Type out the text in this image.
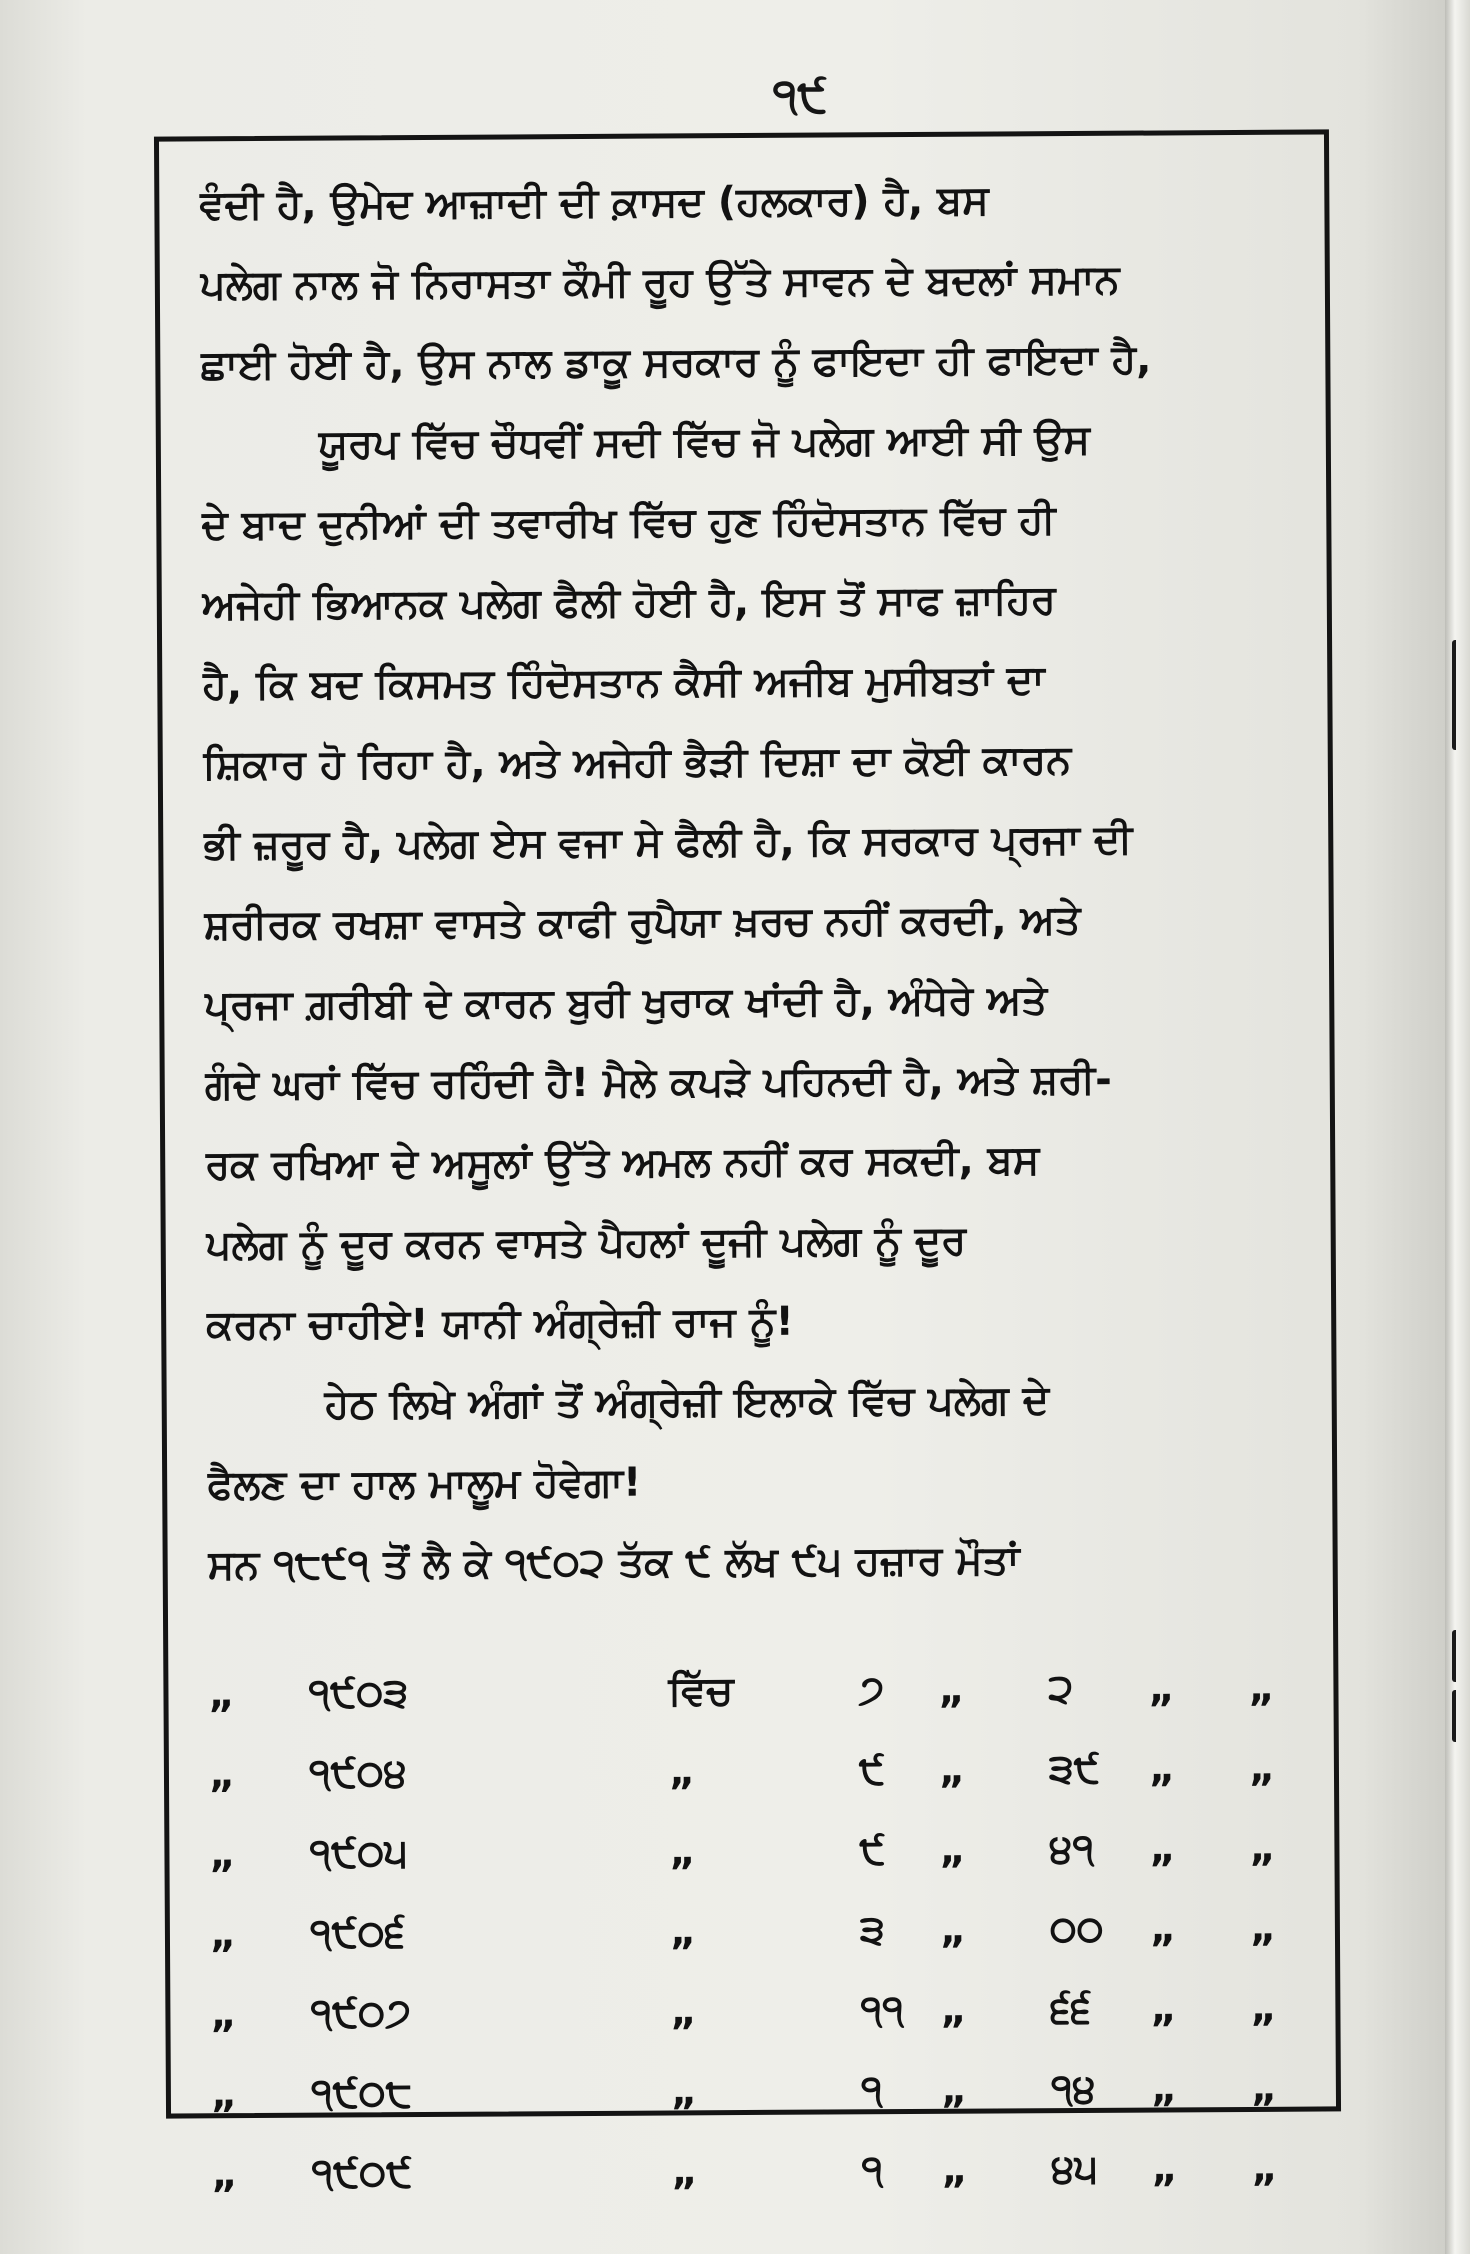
੧੯
ਵੰਦੀ ਹੈ, ਉਮੇਦ ਆਜ਼ਾਦੀ ਦੀ ਕ਼ਾਸਦ (ਹਲਕਾਰ) ਹੈ, ਬਸ
ਪਲੇਗ ਨਾਲ ਜੋ ਨਿਰਾਸਤਾ ਕੌਮੀ ਰੂਹ ਉੱਤੇ ਸਾਵਨ ਦੇ ਬਦਲਾਂ ਸਮਾਨ
ਛਾਈ ਹੋਈ ਹੈ, ਉਸ ਨਾਲ ਡਾਕੂ ਸਰਕਾਰ ਨੂੰ ਫਾਇਦਾ ਹੀ ਫਾਇਦਾ ਹੈ,
ਯੂਰਪ ਵਿੱਚ ਚੌਧਵੀਂ ਸਦੀ ਵਿੱਚ ਜੋ ਪਲੇਗ ਆਈ ਸੀ ਉਸ
ਦੇ ਬਾਦ ਦੁਨੀਆਂ ਦੀ ਤਵਾਰੀਖ ਵਿੱਚ ਹੁਣ ਹਿੰਦੋਸਤਾਨ ਵਿੱਚ ਹੀ
ਅਜੇਹੀ ਭਿਆਨਕ ਪਲੇਗ ਫੈਲੀ ਹੋਈ ਹੈ, ਇਸ ਤੋਂ ਸਾਫ ਜ਼ਾਹਿਰ
ਹੈ, ਕਿ ਬਦ ਕਿਸਮਤ ਹਿੰਦੋਸਤਾਨ ਕੈਸੀ ਅਜੀਬ ਮੁਸੀਬਤਾਂ ਦਾ
ਸ਼ਿਕਾਰ ਹੋ ਰਿਹਾ ਹੈ, ਅਤੇ ਅਜੇਹੀ ਭੈੜੀ ਦਿਸ਼ਾ ਦਾ ਕੋਈ ਕਾਰਨ
ਭੀ ਜ਼ਰੂਰ ਹੈ, ਪਲੇਗ ਏਸ ਵਜਾ ਸੇ ਫੈਲੀ ਹੈ, ਕਿ ਸਰਕਾਰ ਪ੍ਰਜਾ ਦੀ
ਸ਼ਰੀਰਕ ਰਖਸ਼ਾ ਵਾਸਤੇ ਕਾਫੀ ਰੁਪੈਯਾ ਖ਼ਰਚ ਨਹੀਂ ਕਰਦੀ, ਅਤੇ
ਪ੍ਰਜਾ ਗ਼ਰੀਬੀ ਦੇ ਕਾਰਨ ਬੁਰੀ ਖੁਰਾਕ ਖਾਂਦੀ ਹੈ, ਅੰਧੇਰੇ ਅਤੇ
ਗੰਦੇ ਘਰਾਂ ਵਿੱਚ ਰਹਿੰਦੀ ਹੈ! ਮੈਲੇ ਕਪੜੇ ਪਹਿਨਦੀ ਹੈ, ਅਤੇ ਸ਼ਰੀ-
ਰਕ ਰਖਿਆ ਦੇ ਅਸੂਲਾਂ ਉੱਤੇ ਅਮਲ ਨਹੀਂ ਕਰ ਸਕਦੀ, ਬਸ
ਪਲੇਗ ਨੂੰ ਦੂਰ ਕਰਨ ਵਾਸਤੇ ਪੈਹਲਾਂ ਦੂਜੀ ਪਲੇਗ ਨੂੰ ਦੂਰ
ਕਰਨਾ ਚਾਹੀਏ! ਯਾਨੀ ਅੰਗ੍ਰੇਜ਼ੀ ਰਾਜ ਨੂੰ!
ਹੇਠ ਲਿਖੇ ਅੰਗਾਂ ਤੋਂ ਅੰਗ੍ਰੇਜ਼ੀ ਇਲਾਕੇ ਵਿੱਚ ਪਲੇਗ ਦੇ
ਫੈਲਣ ਦਾ ਹਾਲ ਮਾਲੂਮ ਹੋਵੇਗਾ!
ਸਨ ੧੮੯੧ ਤੋਂ ਲੈ ਕੇ ੧੯੦੨ ਤੱਕ ੯ ਲੱਖ ੯੫ ਹਜ਼ਾਰ ਮੌਤਾਂ
„ ੧੯੦੩	ਵਿੱਚ	੭ „ ੨ „ „
„ ੧੯੦੪	„	੯ „ ੩੯ „ „
„ ੧੯੦੫	„	੯ „ ੪੧ „ „
„ ੧੯੦੬	„	੩ „ ੦੦ „ „
„ ੧੯੦੭	„	੧੧ „ ੬੬ „ „
„ ੧੯੦੮	„	੧ „ ੧੪ „ „
„ ੧੯੦੯	„	੧ „ ੪੫ „ „
